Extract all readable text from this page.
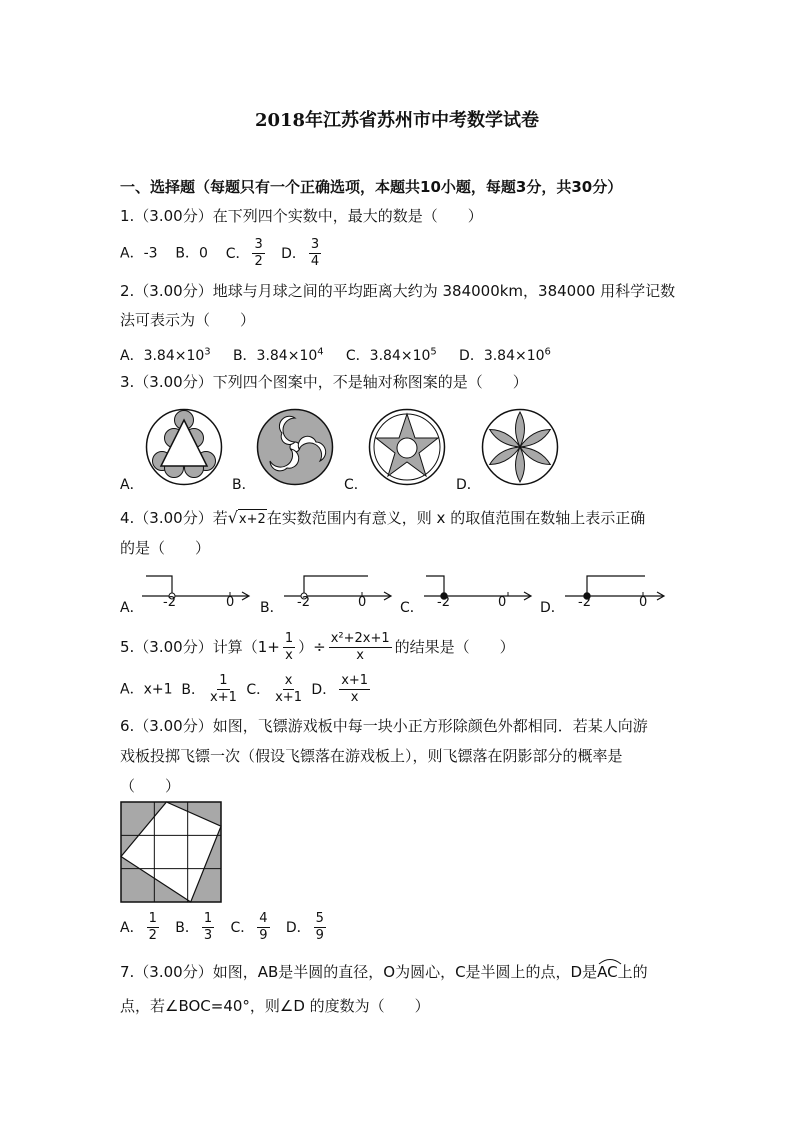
2018年江苏省苏州市中考数学试卷
一、选择题（每题只有一个正确选项，本题共10小题，每题3分，共30分）
1.（3.00分）在下列四个实数中，最大的数是（　　）
A．-3 B．0 C． $\frac{3}{2}$ D． $\frac{3}{4}$
2.（3.00分）地球与月球之间的平均距离大约为 384000km，384000 用科学记数
法可表示为（　　）
A．$3.84\times 10^3$ B．$3.84\times 10^4$ C．$3.84\times 10^5$ D．$3.84\times 10^6$
3.（3.00分）下列四个图案中，不是轴对称图案的是（　　）
A．	B．	C．	D．
4.（3.00分）若√x+2在实数范围内有意义，则 x 的取值范围在数轴上表示正确
的是（　　）
-2	0	-2	0	-2	0	-2	0
A．	B．	C．	D．
5.（3.00分）计算（$1+ \frac{1}{x}$ ）÷ $\frac{\text{x²+2x+1}}{x}$ 的结果是（　　）
A．x+1 B． $\frac{1}{x+1}$ C． $\frac{x}{x+1}$ D． $\frac{x+1}{x}$
6.（3.00分）如图，飞镖游戏板中每一块小正方形除颜色外都相同．若某人向游
戏板投掷飞镖一次（假设飞镖落在游戏板上），则飞镖落在阴影部分的概率是
（　　）
A． $\frac{1}{2}$ B． $\frac{1}{3}$ C． $\frac{4}{9}$ D． $\frac{5}{9}$
7.（3.00分）如图，AB是半圆的直径，O为圆心，C是半圆上的点，D是
AC上的
点，若∠BOC=40°，则∠D 的度数为（　　）
